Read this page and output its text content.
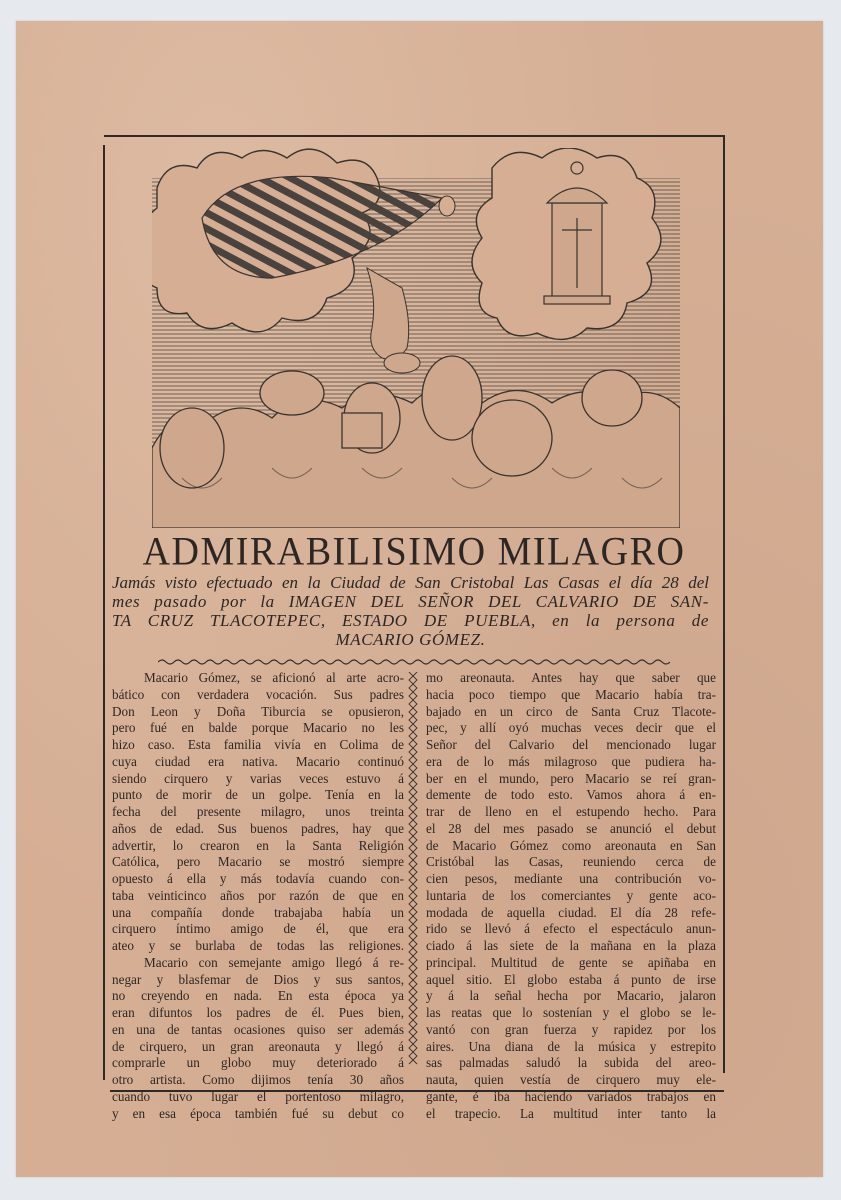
ADMIRABILISIMO MILAGRO
Jamás visto efectuado en la Ciudad de San Cristobal Las Casas el día 28 del
mes pasado por la IMAGEN DEL SEÑOR DEL CALVARIO DE SAN-
TA CRUZ TLACOTEPEC, ESTADO DE PUEBLA, en la persona de
MACARIO GÓMEZ.
Macario Gómez, se aficionó al arte acro-
bático con verdadera vocación. Sus padres
Don Leon y Doña Tiburcia se opusieron,
pero fué en balde porque Macario no les
hizo caso. Esta familia vivía en Colima de
cuya ciudad era nativa. Macario continuó
siendo cirquero y varias veces estuvo á
punto de morir de un golpe. Tenía en la
fecha del presente milagro, unos treinta
años de edad. Sus buenos padres, hay que
advertir, lo crearon en la Santa Religión
Católica, pero Macario se mostró siempre
opuesto á ella y más todavía cuando con-
taba veinticinco años por razón de que en
una compañía donde trabajaba había un
cirquero íntimo amigo de él, que era
ateo y se burlaba de todas las religiones.
Macario con semejante amigo llegó á re-
negar y blasfemar de Dios y sus santos,
no creyendo en nada. En esta época ya
eran difuntos los padres de él. Pues bien,
en una de tantas ocasiones quiso ser además
de cirquero, un gran areonauta y llegó á
comprarle un globo muy deteriorado á
otro artista. Como dijimos tenía 30 años
cuando tuvo lugar el portentoso milagro,
y en esa época también fué su debut co
mo areonauta. Antes hay que saber que
hacia poco tiempo que Macario había tra-
bajado en un circo de Santa Cruz Tlacote-
pec, y allí oyó muchas veces decir que el
Señor del Calvario del mencionado lugar
era de lo más milagroso que pudiera ha-
ber en el mundo, pero Macario se reí gran-
demente de todo esto. Vamos ahora á en-
trar de lleno en el estupendo hecho. Para
el 28 del mes pasado se anunció el debut
de Macario Gómez como areonauta en San
Cristóbal las Casas, reuniendo cerca de
cien pesos, mediante una contribución vo-
luntaria de los comerciantes y gente aco-
modada de aquella ciudad. El día 28 refe-
rido se llevó á efecto el espectáculo anun-
ciado á las siete de la mañana en la plaza
principal. Multitud de gente se apiñaba en
aquel sitio. El globo estaba á punto de irse
y á la señal hecha por Macario, jalaron
las reatas que lo sostenían y el globo se le-
vantó con gran fuerza y rapidez por los
aires. Una diana de la música y estrepito
sas palmadas saludó la subida del areo-
nauta, quien vestía de cirquero muy ele-
gante, é iba haciendo variados trabajos en
el trapecio. La multitud inter tanto la
